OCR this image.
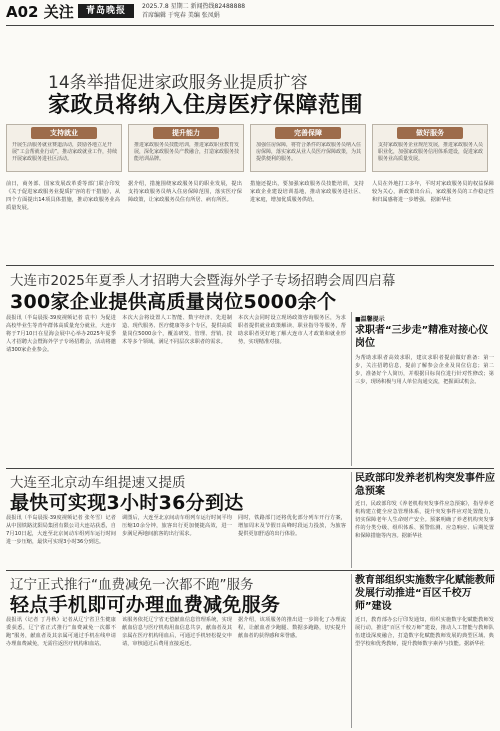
A02 关注	青岛晚报	2025.7.8 星期二 新闻热线82488888
首席编辑 于宛春 美编 张凤娟
14条举措促进家政服务业提质扩容
家政员将纳入住房医疗保障范围
支持就业
开展生活服务就业赛道活动，鼓励各地立足开展“工会帮就业行动”，推动家政就业工作，持续开展家政服务进社区活动。
提升能力
推进家政服务员技能培训，推进家政职业教育发展，深化家政服务员产教融合，打造家政服务技能培训品牌。
完善保障
加强住房保障，将符合条件的家政服务员纳入住房保障，落实家政从业人员医疗保障政策，为其提供便利的服务。
做好服务
支持家政服务企业规范发展，推进家政服务人员职业化，加强家政服务信用体系建设，促进家政服务业高质量发展。
前日，商务部、国家发展改革委等部门联合印发《关于促进家政服务业提质扩容的若干措施》，从四个方面提出14项具体措施，推动家政服务业高质量发展。
据介绍，措施围绕家政服务员的职业发展，提出支持家政服务员纳入住房保障范围，落实医疗保障政策，让家政服务员住有所居、病有所医。
措施还提出，要加强家政服务员技能培训，支持家政企业建设培训基地，推动家政服务进社区、进家庭，增加优质服务供给。
人员在外地打工多年，平时对家政服务员的权益保障较为关心，新政策出台后，家政服务员的工作稳定性和归属感将进一步增强。 据新华社
大连市2025年夏季人才招聘大会暨海外学子专场招聘会周四启幕
300家企业提供高质量岗位5000余个
晨报讯（半岛晨报·39度视频记者 袁丰）为促进高校毕业生等青年群体高质量充分就业，大连市将于7月10日在星海会展中心举办2025年夏季人才招聘大会暨海外学子专场招聘会，活动将邀请300家企业参会。
本次大会将设置人工智能、数字经济、先进制造、现代服务、医疗健康等多个专区，提供高质量岗位5000余个，覆盖研发、管理、营销、技术等多个领域，满足不同层次求职者的需求。
本次大会同时设立现场政策咨询服务区，为求职者提供就业政策解读、职业指导等服务，帮助求职者更好地了解大连市人才政策和就业形势，实现精准对接。
■温馨提示
求职者“三步走”精准对接心仪岗位
为帮助求职者高效求职，建议求职者提前做好准备：第一步，关注招聘信息，提前了解参会企业及岗位信息；第二步，准备好个人简历，并根据目标岗位进行针对性修改；第三步，现场积极与用人单位沟通交流，把握面试机会。
大连至北京动车组提速又提质
最快可实现3小时36分到达
晨报讯（半岛晨报·39度视频记者 张冬雪）记者从中国铁路沈阳局集团有限公司大连站获悉，自7月10日起，大连至北京间动车组列车运行时间进一步压缩，最快可实现3小时36分到达。
调图后，大连至北京间动车组列车运行时间平均压缩10余分钟，旅客出行更加便捷高效，进一步满足两地间旅客的出行需求。
同时，铁路部门还将优化部分列车开行方案，增加周末及节假日高峰时段运力投放，为旅客提供更加舒适的出行体验。
民政部印发养老机构突发事件应急预案
近日，民政部印发《养老机构突发事件应急预案》，指导养老机构建立健全应急管理体系，提升突发事件应对处置能力，切实保障老年人生命财产安全。预案明确了养老机构突发事件的分类分级、组织体系、预警监测、应急响应、后期处置和保障措施等内容。据新华社
辽宁正式推行“血费减免一次都不跑”服务
轻点手机即可办理血费减免服务
晨报讯（记者 丁丹秋）记者从辽宁省卫生健康委获悉，辽宁省正式推行“血费减免一次都不跑”服务，献血者及其亲属可通过手机在线申请办理血费减免，无需往返医疗机构和血站。
该服务依托辽宁省无偿献血信息管理系统，实现献血信息与医疗机构用血信息共享，献血者及其亲属在医疗机构用血后，可通过手机轻松提交申请，审核通过后费用直接返还。
据介绍，该项服务的推出进一步简化了办理流程，让献血者少跑腿、数据多跑路，切实提升献血者的获得感和荣誉感。
教育部组织实施数字化赋能教师发展行动推进“百区千校万师”建设
近日，教育部办公厅印发通知，组织实施数字化赋能教师发展行动，推进“百区千校万师”建设，推动人工智能与教师队伍建设深度融合，打造数字化赋能教师发展的典型区域、典型学校和优秀教师，提升教师数字素养与技能。据新华社
